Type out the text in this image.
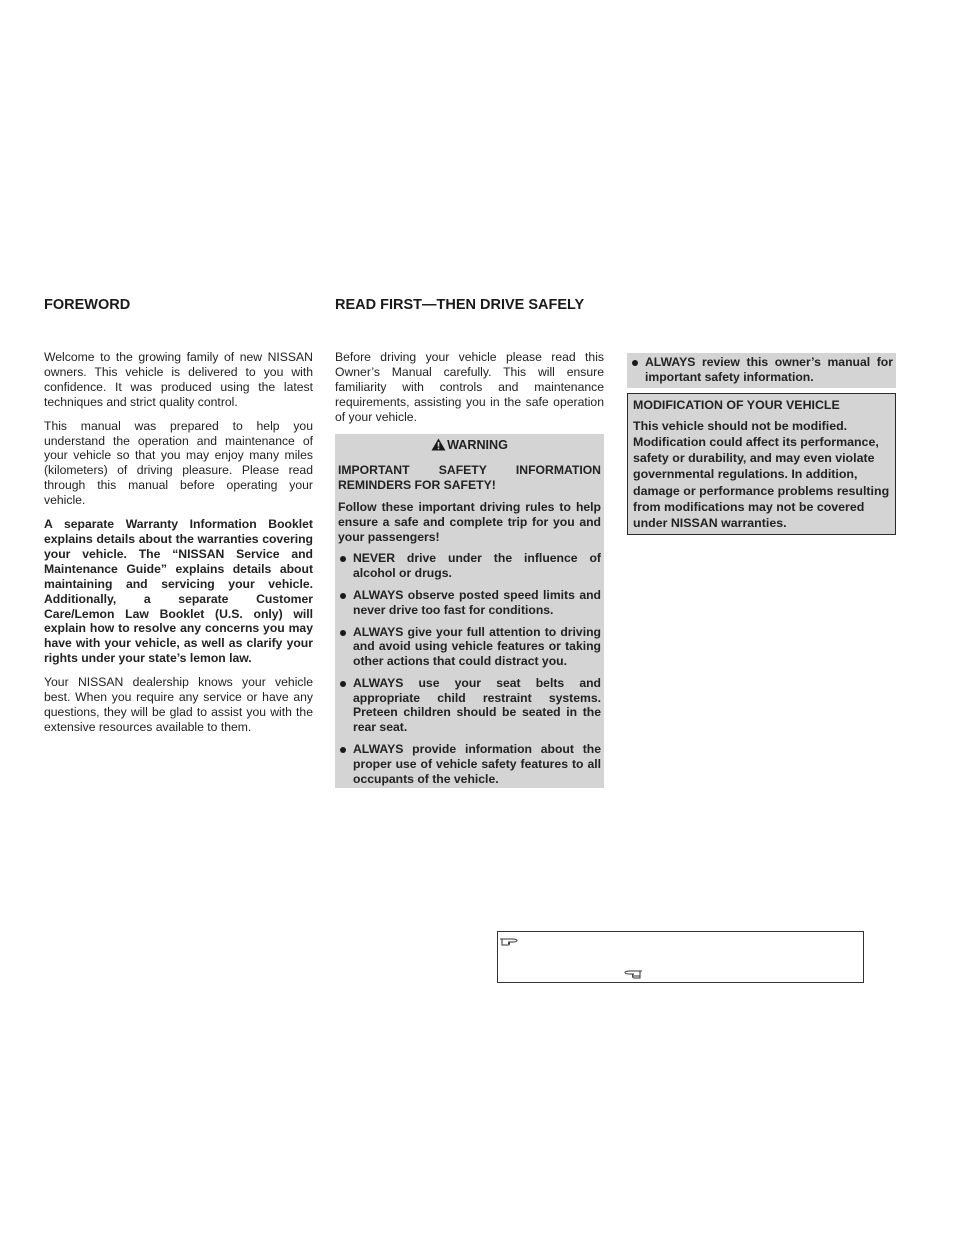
FOREWORD	READ FIRST—THEN DRIVE SAFELY

Welcome to the growing family of new NISSAN owners. This vehicle is delivered to you with confidence. It was produced using the latest techniques and strict quality control.

This manual was prepared to help you understand the operation and maintenance of your vehicle so that you may enjoy many miles (kilometers) of driving pleasure. Please read through this manual before operating your vehicle.

A separate Warranty Information Booklet explains details about the warranties covering your vehicle. The “NISSAN Service and Maintenance Guide” explains details about maintaining and servicing your vehicle. Additionally, a separate Customer Care/Lemon Law Booklet (U.S. only) will explain how to resolve any concerns you may have with your vehicle, as well as clarify your rights under your state’s lemon law.

Your NISSAN dealership knows your vehicle best. When you require any service or have any questions, they will be glad to assist you with the extensive resources available to them.

Before driving your vehicle please read this Owner’s Manual carefully. This will ensure familiarity with controls and maintenance requirements, assisting you in the safe operation of your vehicle.

WARNING

IMPORTANT SAFETY INFORMATION REMINDERS FOR SAFETY!

Follow these important driving rules to help ensure a safe and complete trip for you and your passengers!

NEVER drive under the influence of alcohol or drugs.
ALWAYS observe posted speed limits and never drive too fast for conditions.
ALWAYS give your full attention to driving and avoid using vehicle features or taking other actions that could distract you.
ALWAYS use your seat belts and appropriate child restraint systems. Preteen children should be seated in the rear seat.
ALWAYS provide information about the proper use of vehicle safety features to all occupants of the vehicle.
ALWAYS review this owner’s manual for important safety information.
MODIFICATION OF YOUR VEHICLE
This vehicle should not be modified. Modification could affect its performance, safety or durability, and may even violate governmental regulations. In addition, damage or performance problems resulting from modifications may not be covered under NISSAN warranties.
